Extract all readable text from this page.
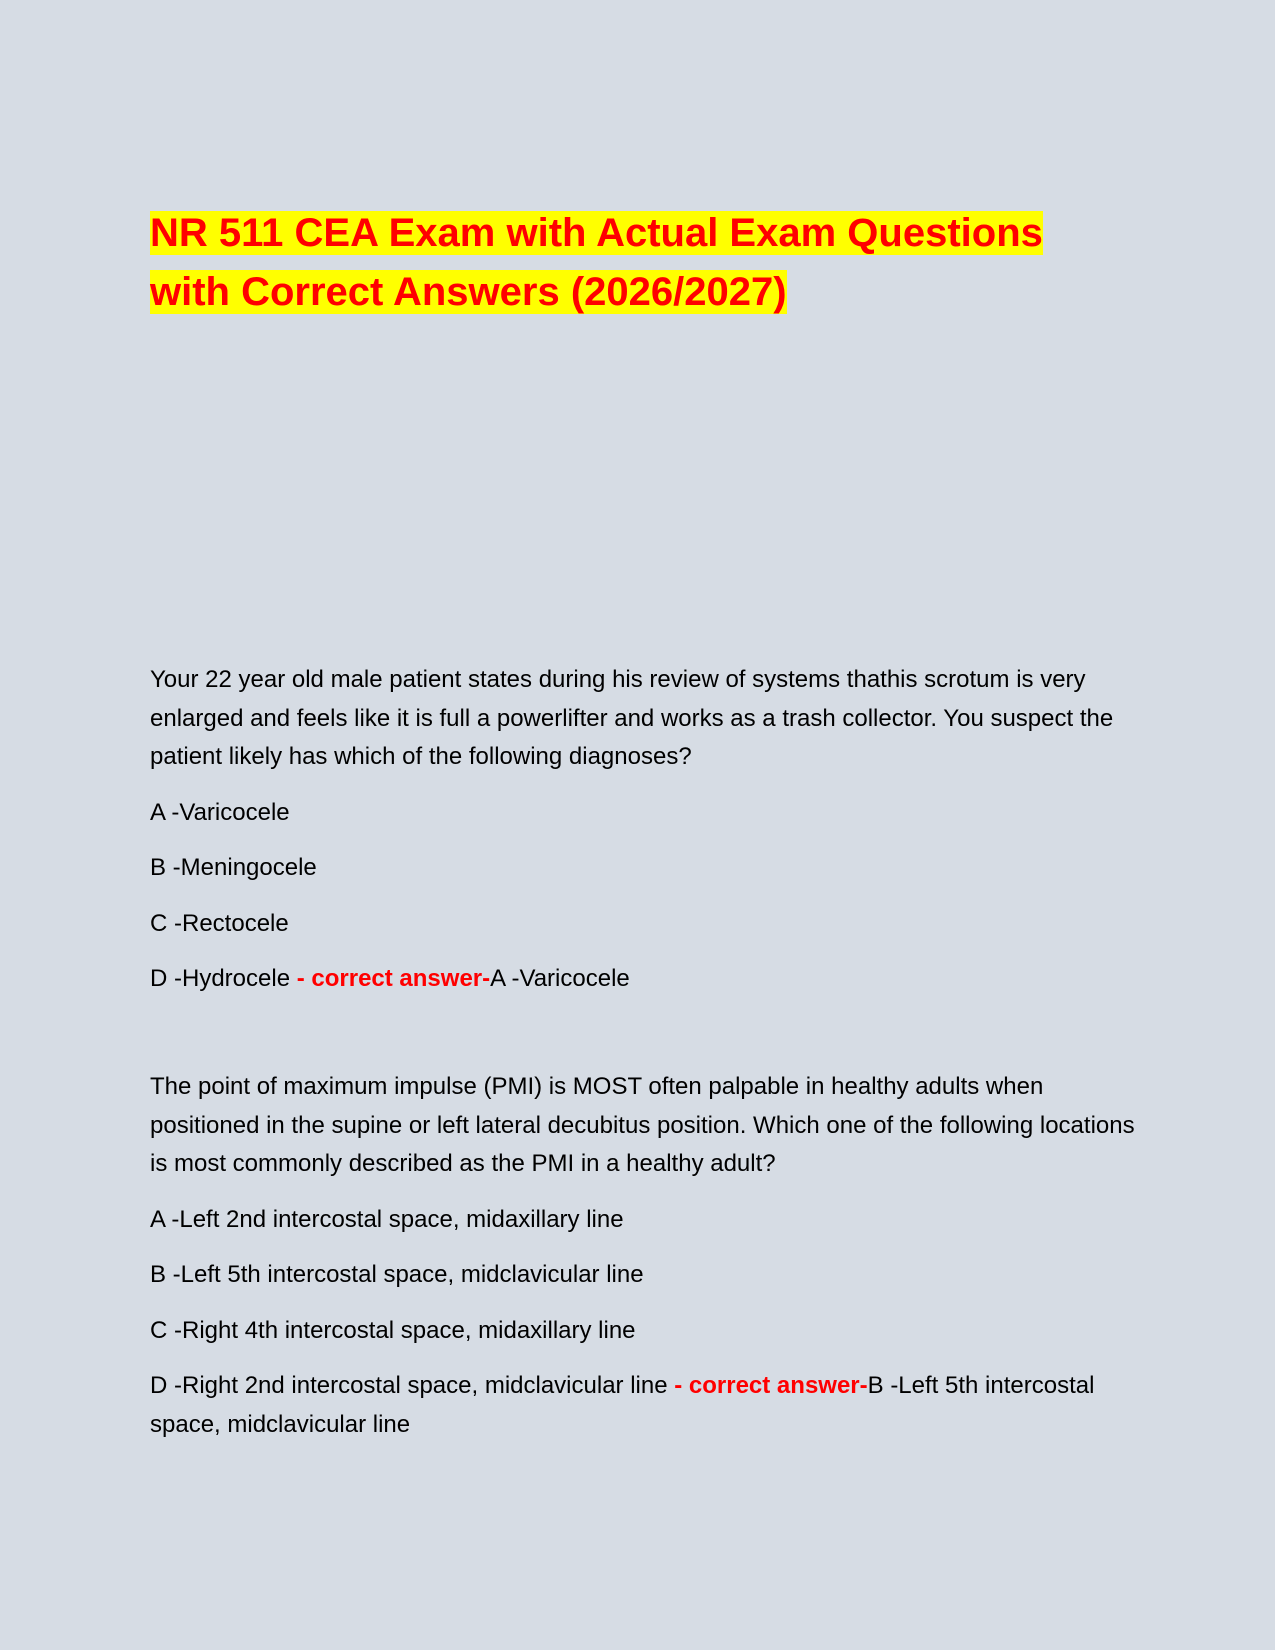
NR 511 CEA Exam with Actual Exam Questions with Correct Answers (2026/2027)

Your 22 year old male patient states during his review of systems thathis scrotum is very enlarged and feels like it is full a powerlifter and works as a trash collector. You suspect the patient likely has which of the following diagnoses?

A -Varicocele

B -Meningocele

C -Rectocele

D -Hydrocele - correct answer-A -Varicocele

The point of maximum impulse (PMI) is MOST often palpable in healthy adults when positioned in the supine or left lateral decubitus position. Which one of the following locations is most commonly described as the PMI in a healthy adult?

A -Left 2nd intercostal space, midaxillary line

B -Left 5th intercostal space, midclavicular line

C -Right 4th intercostal space, midaxillary line

D -Right 2nd intercostal space, midclavicular line - correct answer-B -Left 5th intercostal space, midclavicular line
